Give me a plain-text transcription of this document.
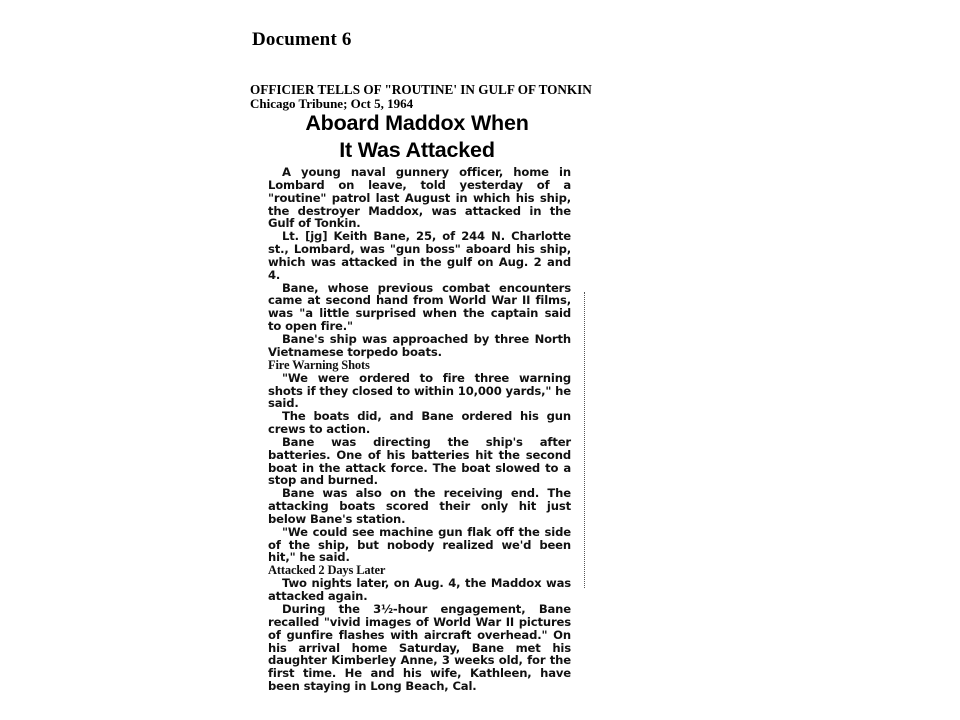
Document 6
OFFICIER TELLS OF "ROUTINE' IN GULF OF TONKIN
Chicago Tribune; Oct 5, 1964
Aboard Maddox When
It Was Attacked

A young naval gunnery officer, home in Lombard on leave, told yesterday of a "routine" patrol last August in which his ship, the destroyer Maddox, was attacked in the Gulf of Tonkin.

Lt. [jg] Keith Bane, 25, of 244 N. Charlotte st., Lombard, was "gun boss" aboard his ship, which was attacked in the gulf on Aug. 2 and 4.

Bane, whose previous combat encounters came at second hand from World War II films, was "a little surprised when the captain said to open fire."

Bane's ship was approached by three North Vietnamese torpedo boats.

Fire Warning Shots

"We were ordered to fire three warning shots if they closed to within 10,000 yards," he said.

The boats did, and Bane ordered his gun crews to action.

Bane was directing the ship's after batteries. One of his batteries hit the second boat in the attack force. The boat slowed to a stop and burned.

Bane was also on the receiving end. The attacking boats scored their only hit just below Bane's station.

"We could see machine gun flak off the side of the ship, but nobody realized we'd been hit," he said.

Attacked 2 Days Later

Two nights later, on Aug. 4, the Maddox was attacked again.

During the 3½-hour engagement, Bane recalled "vivid images of World War II pictures of gunfire flashes with aircraft overhead." On his arrival home Saturday, Bane met his daughter Kimberley Anne, 3 weeks old, for the first time. He and his wife, Kathleen, have been staying in Long Beach, Cal.
